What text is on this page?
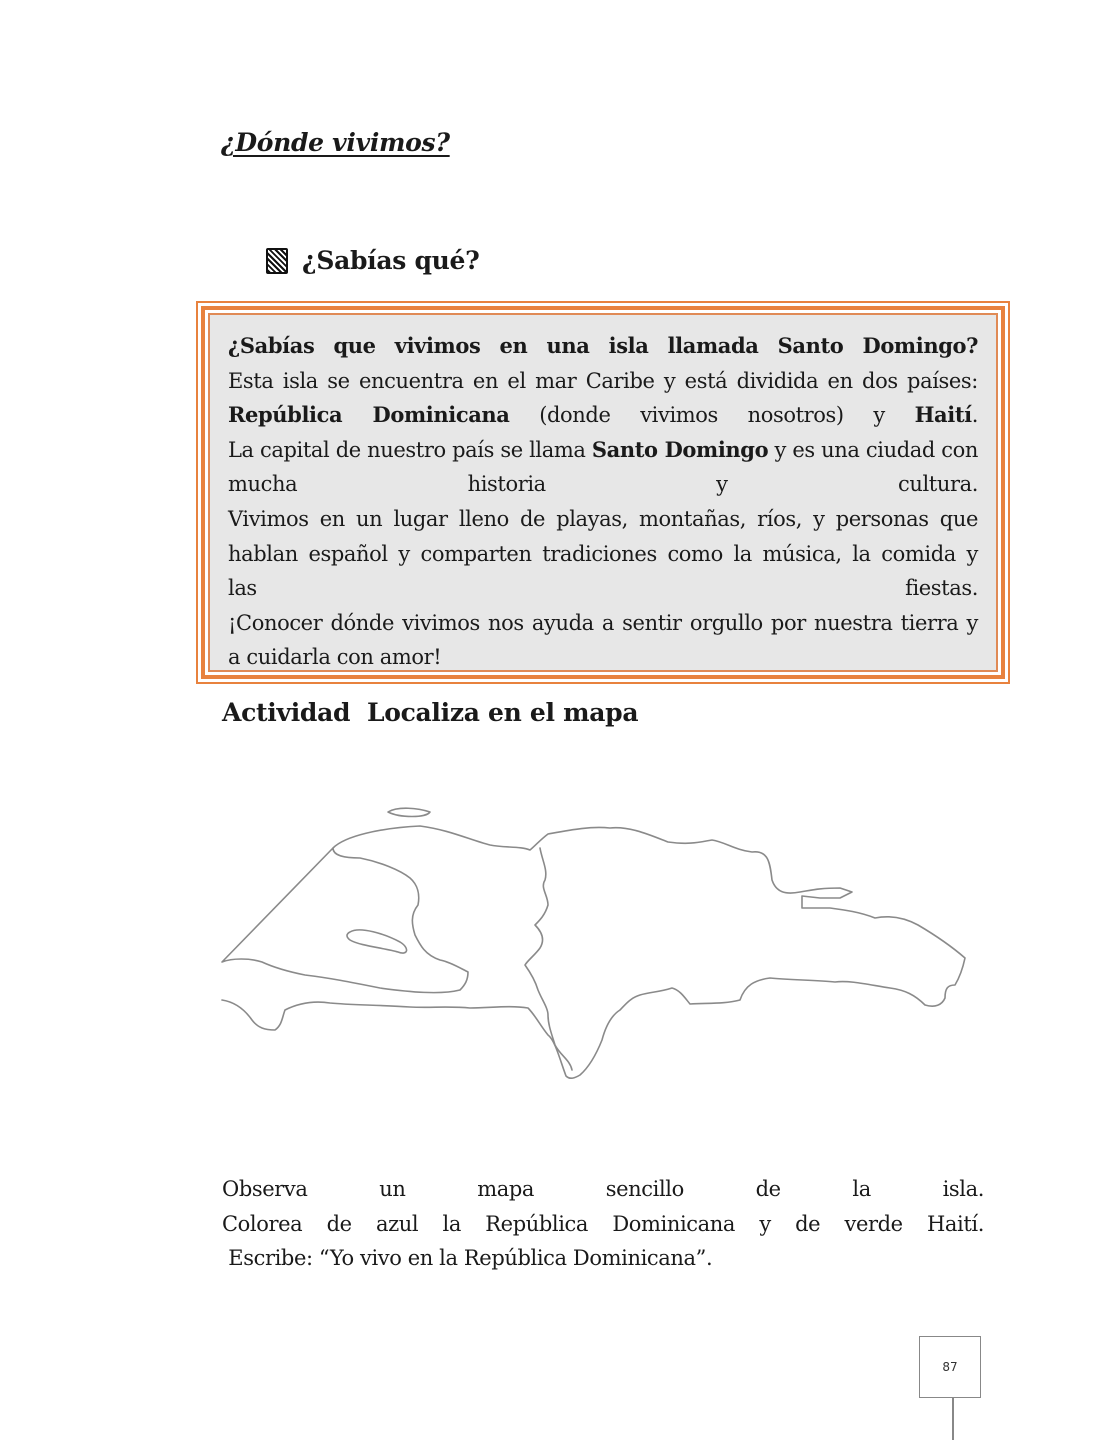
¿Dónde vivimos?
¿Sabías qué?
¿Sabías que vivimos en una isla llamada Santo Domingo?
Esta isla se encuentra en el mar Caribe y está dividida en dos países:
República Dominicana (donde vivimos nosotros) y Haití.
La capital de nuestro país se llama Santo Domingo y es una ciudad con
mucha historia y cultura.
Vivimos en un lugar lleno de playas, montañas, ríos, y personas que
hablan español y comparten tradiciones como la música, la comida y
las fiestas.
¡Conocer dónde vivimos nos ayuda a sentir orgullo por nuestra tierra y
a cuidarla con amor!
Actividad  Localiza en el mapa
Observa un mapa sencillo de la isla.
Colorea de azul la República Dominicana y de verde Haití.
Escribe: “Yo vivo en la República Dominicana”.
87
